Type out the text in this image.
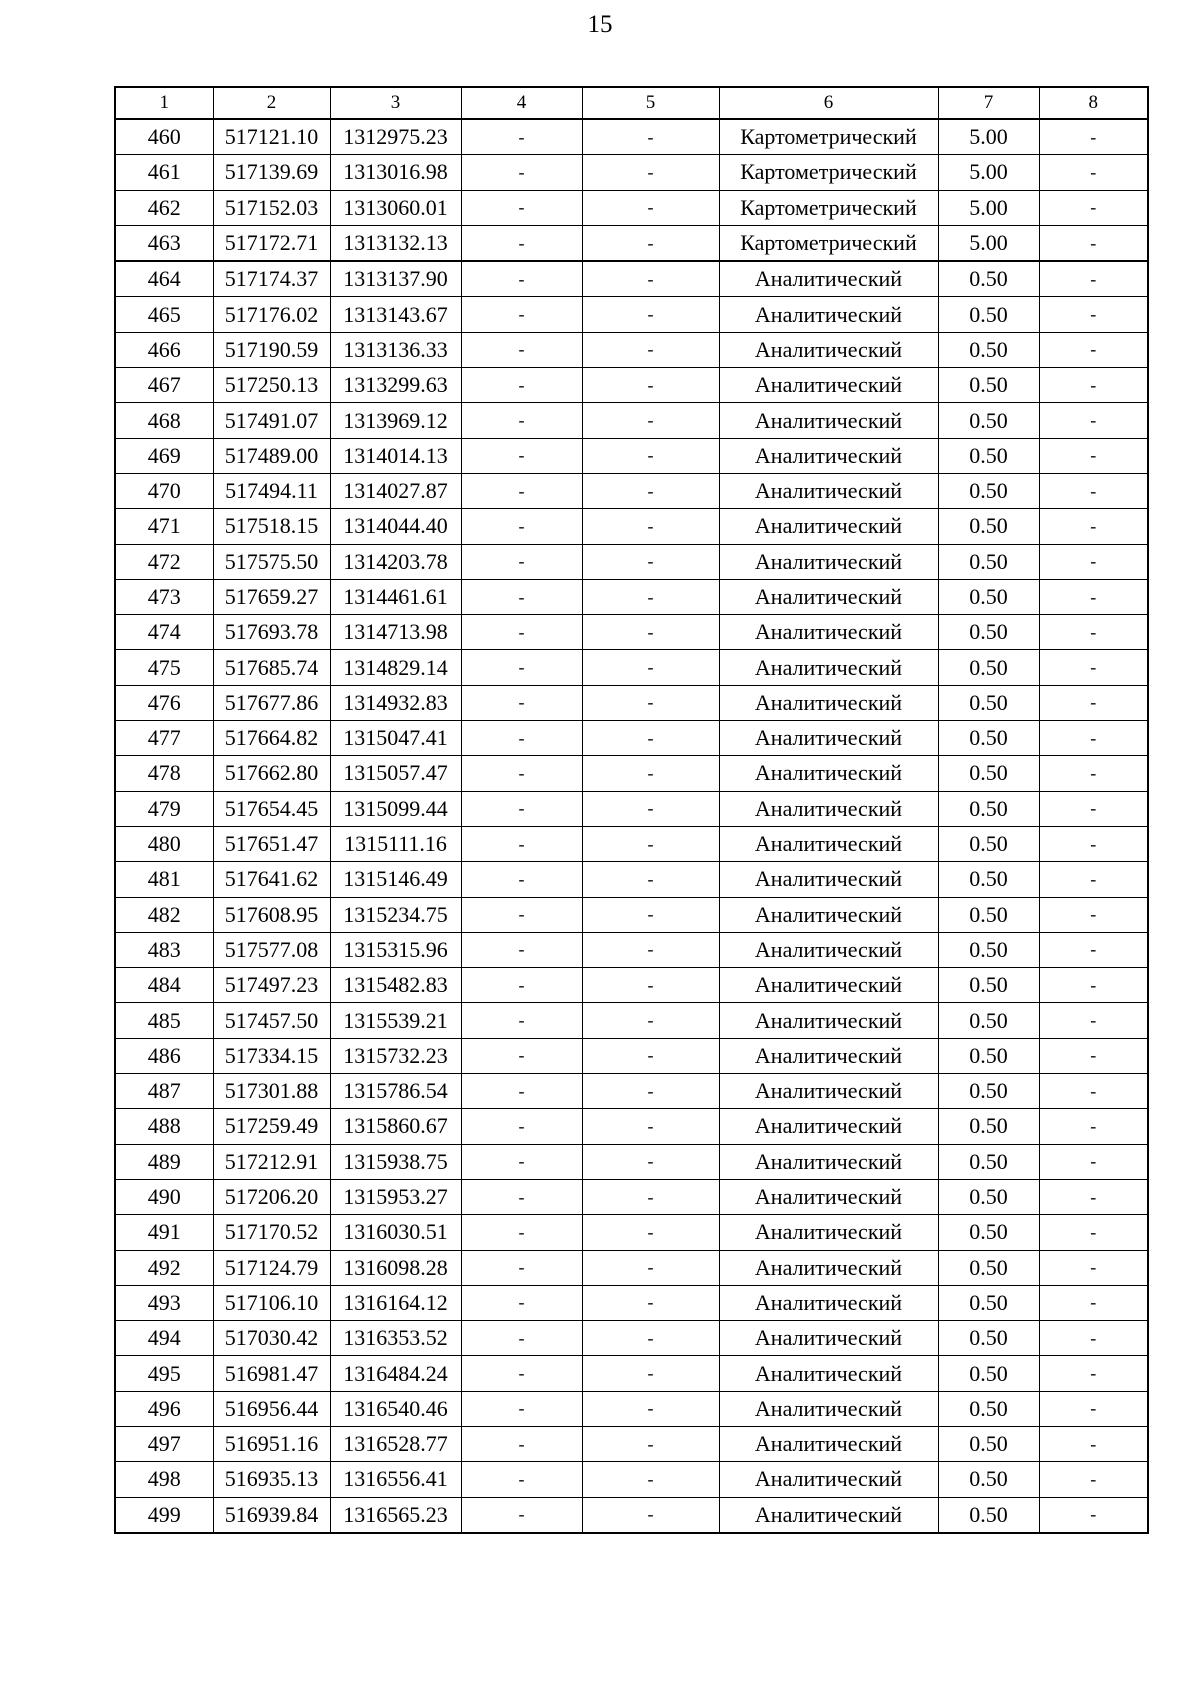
15
1	2	3	4	5	6	7	8
460	517121.10	1312975.23	-	-	Картометрический	5.00	-
461	517139.69	1313016.98	-	-	Картометрический	5.00	-
462	517152.03	1313060.01	-	-	Картометрический	5.00	-
463	517172.71	1313132.13	-	-	Картометрический	5.00	-
464	517174.37	1313137.90	-	-	Аналитический	0.50	-
465	517176.02	1313143.67	-	-	Аналитический	0.50	-
466	517190.59	1313136.33	-	-	Аналитический	0.50	-
467	517250.13	1313299.63	-	-	Аналитический	0.50	-
468	517491.07	1313969.12	-	-	Аналитический	0.50	-
469	517489.00	1314014.13	-	-	Аналитический	0.50	-
470	517494.11	1314027.87	-	-	Аналитический	0.50	-
471	517518.15	1314044.40	-	-	Аналитический	0.50	-
472	517575.50	1314203.78	-	-	Аналитический	0.50	-
473	517659.27	1314461.61	-	-	Аналитический	0.50	-
474	517693.78	1314713.98	-	-	Аналитический	0.50	-
475	517685.74	1314829.14	-	-	Аналитический	0.50	-
476	517677.86	1314932.83	-	-	Аналитический	0.50	-
477	517664.82	1315047.41	-	-	Аналитический	0.50	-
478	517662.80	1315057.47	-	-	Аналитический	0.50	-
479	517654.45	1315099.44	-	-	Аналитический	0.50	-
480	517651.47	1315111.16	-	-	Аналитический	0.50	-
481	517641.62	1315146.49	-	-	Аналитический	0.50	-
482	517608.95	1315234.75	-	-	Аналитический	0.50	-
483	517577.08	1315315.96	-	-	Аналитический	0.50	-
484	517497.23	1315482.83	-	-	Аналитический	0.50	-
485	517457.50	1315539.21	-	-	Аналитический	0.50	-
486	517334.15	1315732.23	-	-	Аналитический	0.50	-
487	517301.88	1315786.54	-	-	Аналитический	0.50	-
488	517259.49	1315860.67	-	-	Аналитический	0.50	-
489	517212.91	1315938.75	-	-	Аналитический	0.50	-
490	517206.20	1315953.27	-	-	Аналитический	0.50	-
491	517170.52	1316030.51	-	-	Аналитический	0.50	-
492	517124.79	1316098.28	-	-	Аналитический	0.50	-
493	517106.10	1316164.12	-	-	Аналитический	0.50	-
494	517030.42	1316353.52	-	-	Аналитический	0.50	-
495	516981.47	1316484.24	-	-	Аналитический	0.50	-
496	516956.44	1316540.46	-	-	Аналитический	0.50	-
497	516951.16	1316528.77	-	-	Аналитический	0.50	-
498	516935.13	1316556.41	-	-	Аналитический	0.50	-
499	516939.84	1316565.23	-	-	Аналитический	0.50	-
